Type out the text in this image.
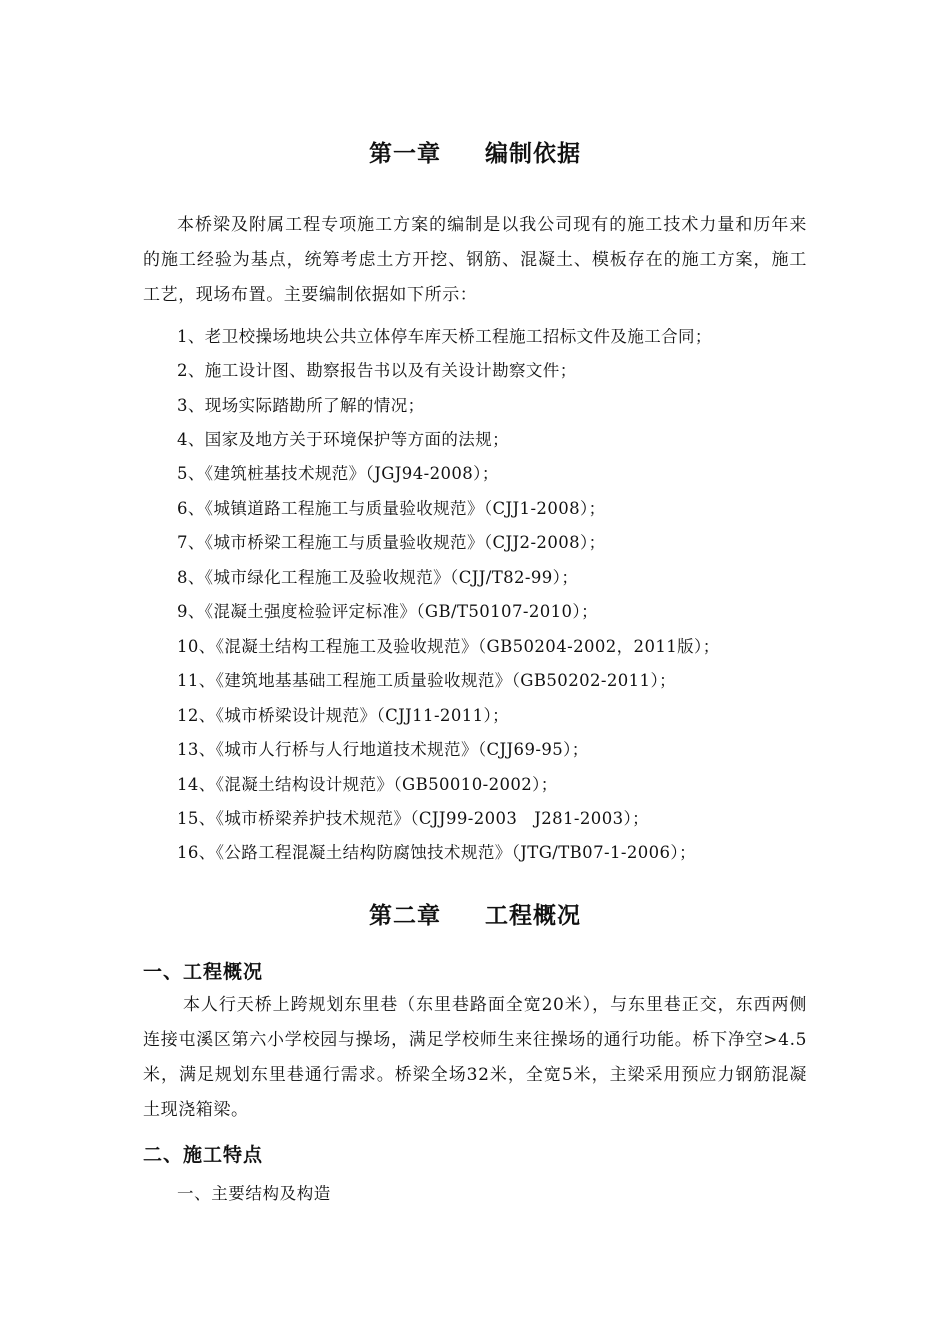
第一章 编制依据
本桥梁及附属工程专项施工方案的编制是以我公司现有的施工技术力量和历年来的施工经验为基点，统筹考虑土方开挖、钢筋、混凝土、模板存在的施工方案，施工工艺，现场布置。主要编制依据如下所示：
1、老卫校操场地块公共立体停车库天桥工程施工招标文件及施工合同；
2、施工设计图、勘察报告书以及有关设计勘察文件；
3、现场实际踏勘所了解的情况；
4、国家及地方关于环境保护等方面的法规；
5、《建筑桩基技术规范》（JGJ94-2008）；
6、《城镇道路工程施工与质量验收规范》（CJJ1-2008）；
7、《城市桥梁工程施工与质量验收规范》（CJJ2-2008）；
8、《城市绿化工程施工及验收规范》（CJJ/T82-99）；
9、《混凝土强度检验评定标准》（GB/T50107-2010）；
10、《混凝土结构工程施工及验收规范》（GB50204-2002，2011版）；
11、《建筑地基基础工程施工质量验收规范》（GB50202-2011）；
12、《城市桥梁设计规范》（CJJ11-2011）；
13、《城市人行桥与人行地道技术规范》（CJJ69-95）；
14、《混凝土结构设计规范》（GB50010-2002）；
15、《城市桥梁养护技术规范》（CJJ99-2003　J281-2003）；
16、《公路工程混凝土结构防腐蚀技术规范》（JTG/TB07-1-2006）；
第二章 工程概况
一、工程概况
本人行天桥上跨规划东里巷（东里巷路面全宽20米），与东里巷正交，东西两侧连接屯溪区第六小学校园与操场，满足学校师生来往操场的通行功能。桥下净空>4.5米，满足规划东里巷通行需求。桥梁全场32米，全宽5米，主梁采用预应力钢筋混凝土现浇箱梁。
二、施工特点
一、主要结构及构造
